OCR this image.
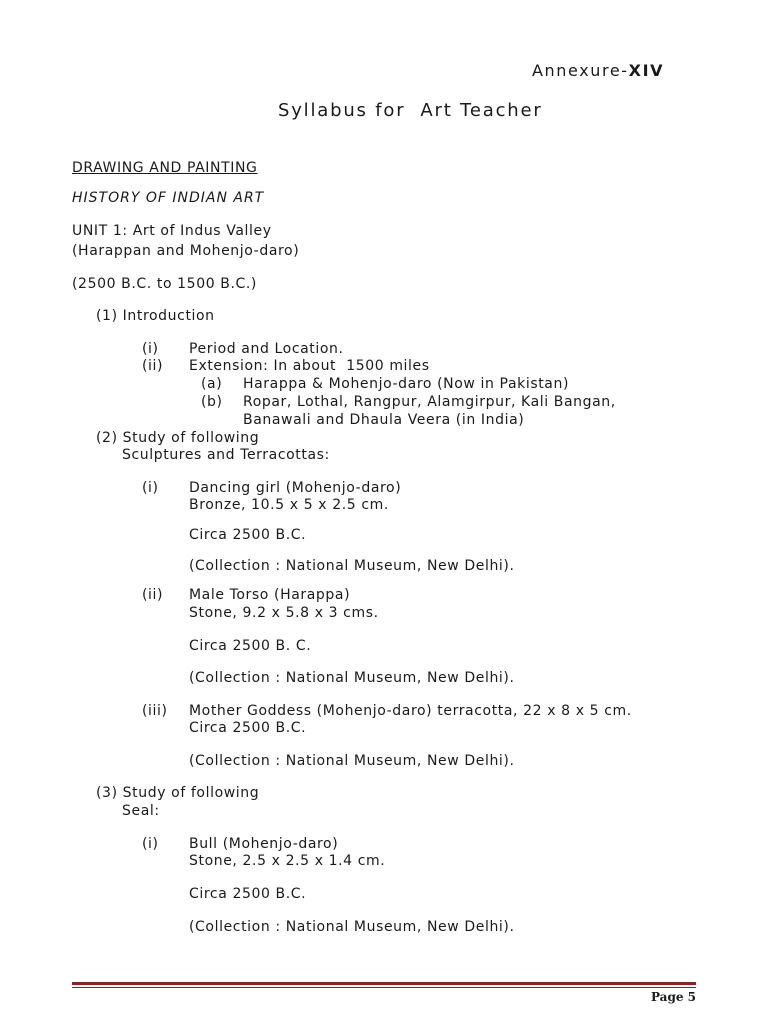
Annexure-XIV
Syllabus for  Art Teacher
DRAWING AND PAINTING
HISTORY OF INDIAN ART
UNIT 1: Art of Indus Valley
(Harappan and Mohenjo-daro)
(2500 B.C. to 1500 B.C.)
(1) Introduction
(i) Period and Location.
(ii) Extension: In about  1500 miles
(a) Harappa & Mohenjo-daro (Now in Pakistan)
(b) Ropar, Lothal, Rangpur, Alamgirpur, Kali Bangan,
Banawali and Dhaula Veera (in India)
(2) Study of following
Sculptures and Terracottas:
(i) Dancing girl (Mohenjo-daro)
Bronze, 10.5 x 5 x 2.5 cm.
Circa 2500 B.C.
(Collection : National Museum, New Delhi).
(ii) Male Torso (Harappa)
Stone, 9.2 x 5.8 x 3 cms.
Circa 2500 B. C.
(Collection : National Museum, New Delhi).
(iii) Mother Goddess (Mohenjo-daro) terracotta, 22 x 8 x 5 cm.
Circa 2500 B.C.
(Collection : National Museum, New Delhi).
(3) Study of following
Seal:
(i) Bull (Mohenjo-daro)
Stone, 2.5 x 2.5 x 1.4 cm.
Circa 2500 B.C.
(Collection : National Museum, New Delhi).
Page 5
